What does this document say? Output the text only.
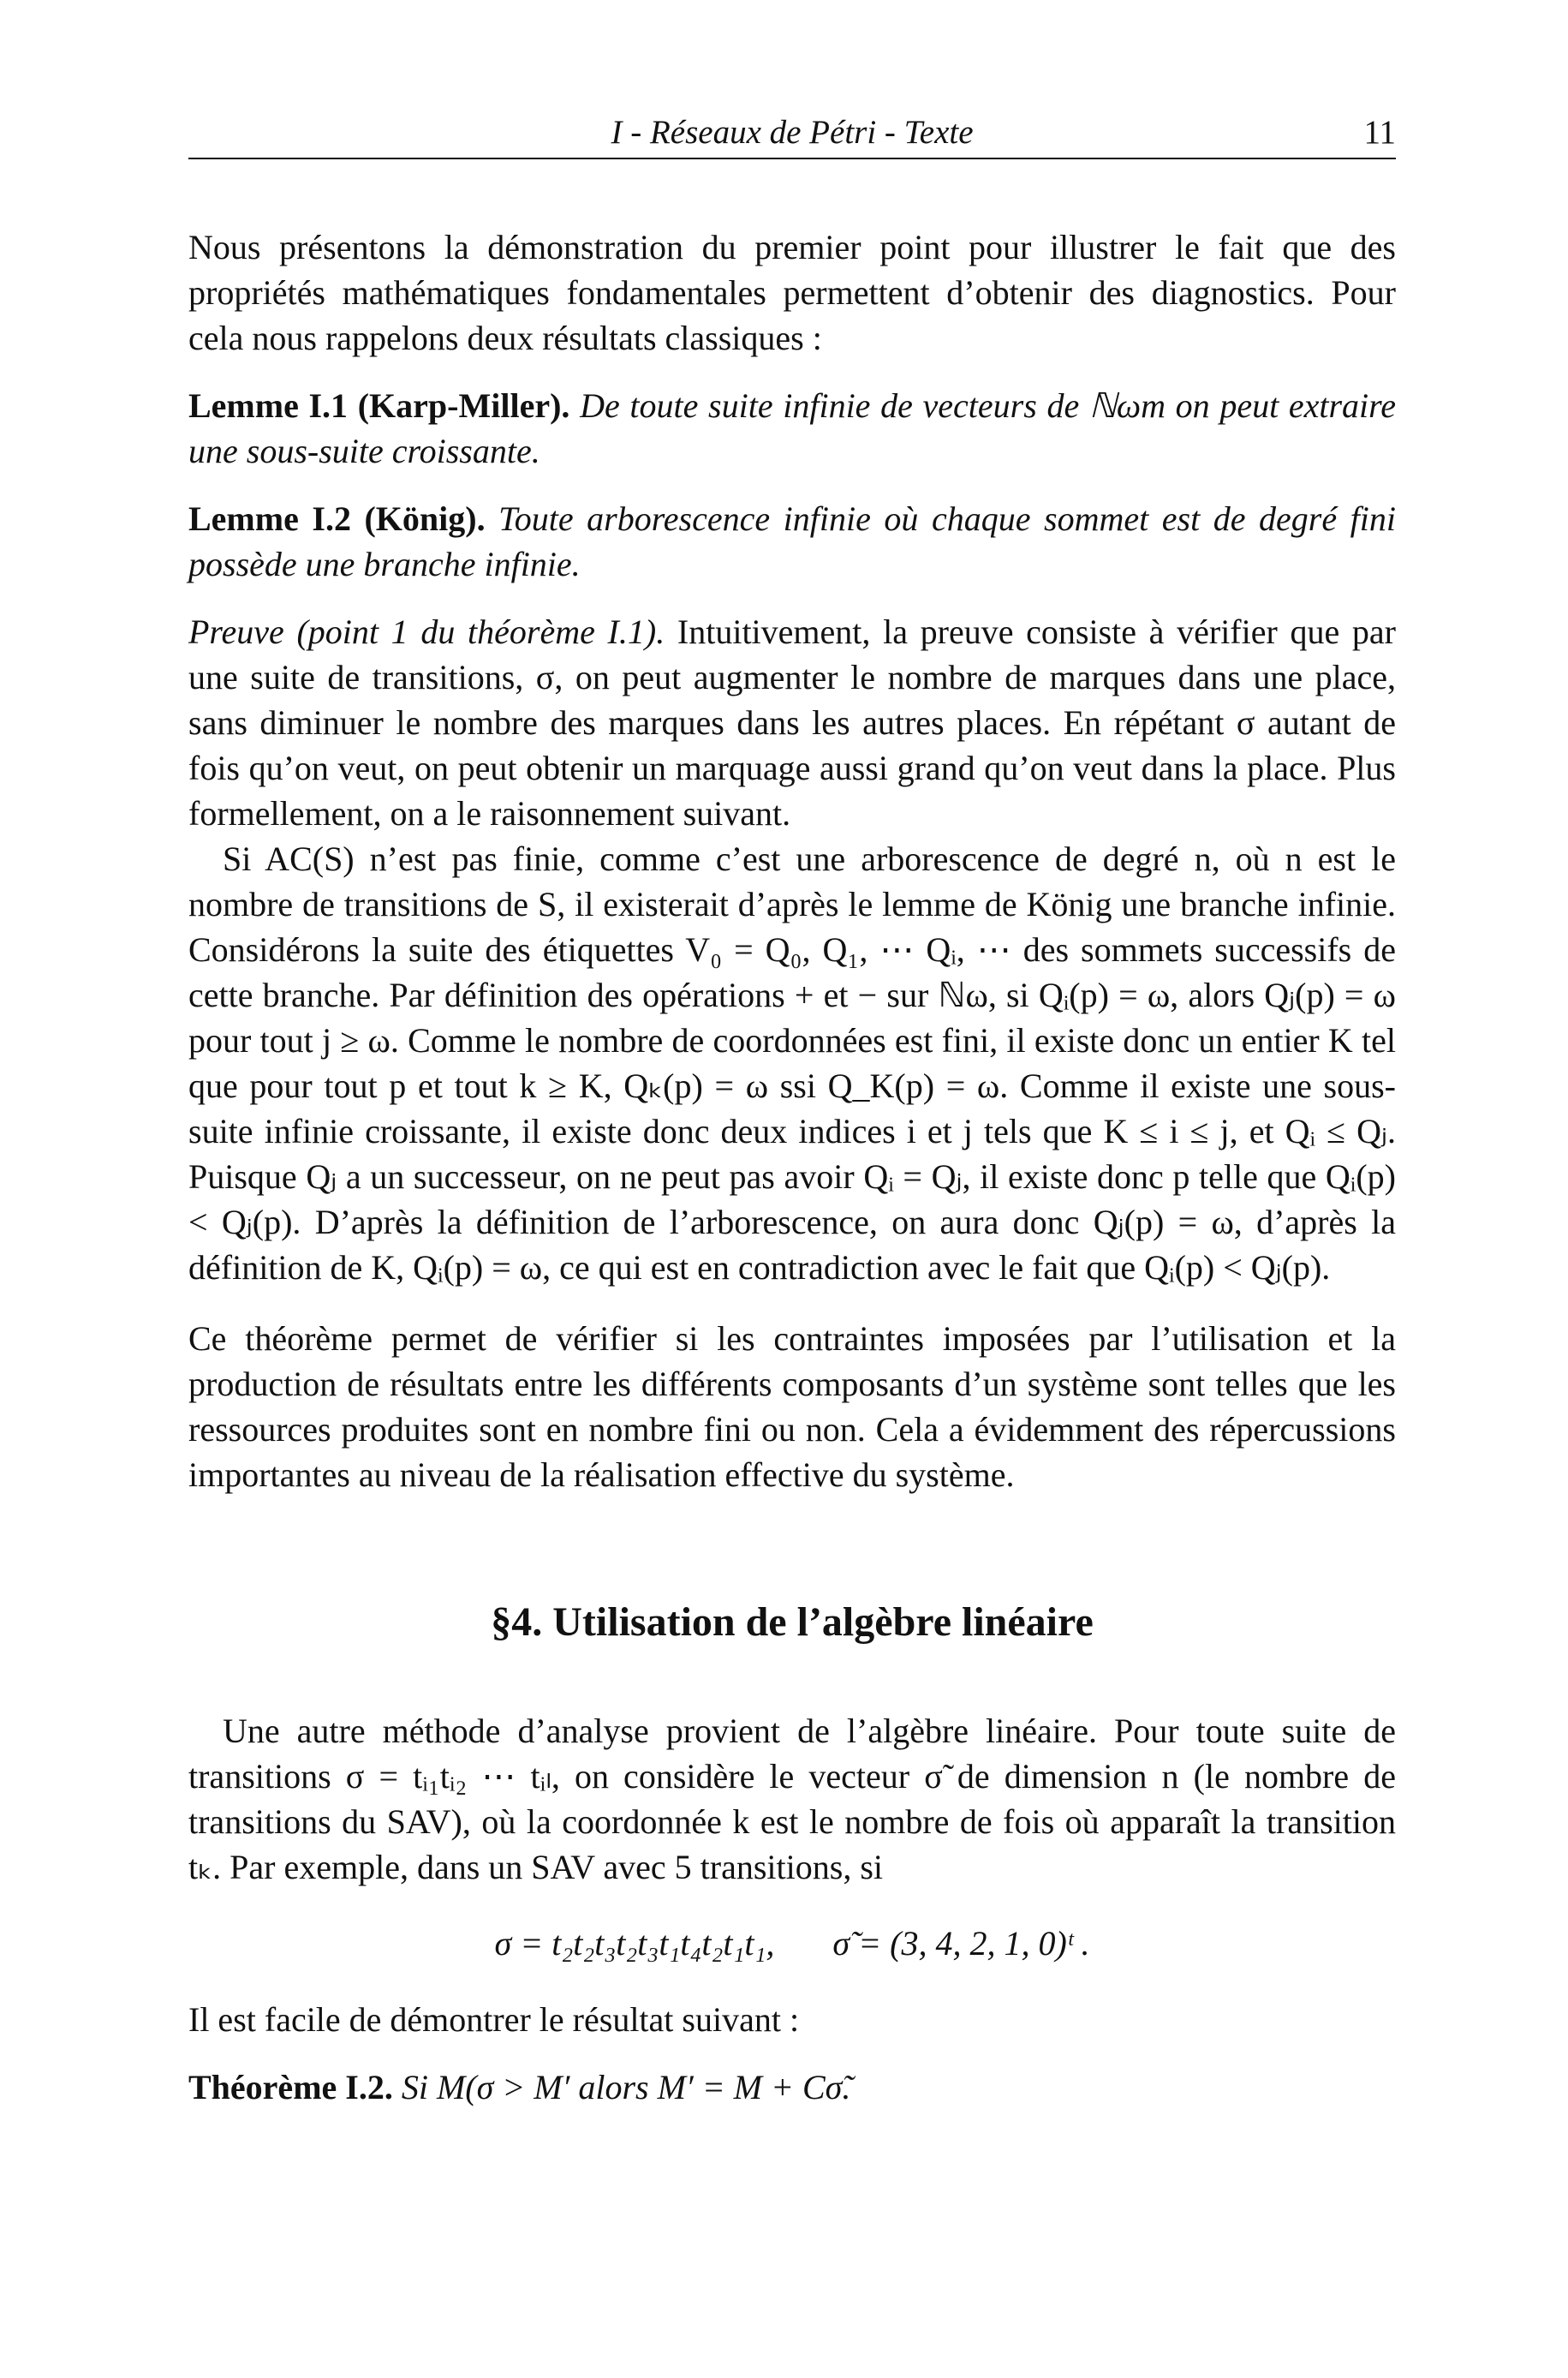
I - Réseaux de Pétri - Texte	11

Nous présentons la démonstration du premier point pour illustrer le fait que des propriétés mathématiques fondamentales permettent d’obtenir des diagnostics. Pour cela nous rappelons deux résultats classiques :

Lemme I.1 (Karp-Miller). De toute suite infinie de vecteurs de ℕωm on peut extraire une sous-suite croissante.

Lemme I.2 (König). Toute arborescence infinie où chaque sommet est de degré fini possède une branche infinie.

Preuve (point 1 du théorème I.1). Intuitivement, la preuve consiste à vérifier que par une suite de transitions, σ, on peut augmenter le nombre de marques dans une place, sans diminuer le nombre des marques dans les autres places. En répétant σ autant de fois qu’on veut, on peut obtenir un marquage aussi grand qu’on veut dans la place. Plus formellement, on a le raisonnement suivant.

Si AC(S) n’est pas finie, comme c’est une arborescence de degré n, où n est le nombre de transitions de S, il existerait d’après le lemme de König une branche infinie. Considérons la suite des étiquettes V₀ = Q₀, Q₁, ⋯ Qᵢ, ⋯ des sommets successifs de cette branche. Par définition des opérations + et − sur ℕω, si Qᵢ(p) = ω, alors Qⱼ(p) = ω pour tout j ≥ ω. Comme le nombre de coordonnées est fini, il existe donc un entier K tel que pour tout p et tout k ≥ K, Qₖ(p) = ω ssi Q_K(p) = ω. Comme il existe une sous-suite infinie croissante, il existe donc deux indices i et j tels que K ≤ i ≤ j, et Qᵢ ≤ Qⱼ. Puisque Qⱼ a un successeur, on ne peut pas avoir Qᵢ = Qⱼ, il existe donc p telle que Qᵢ(p) < Qⱼ(p). D’après la définition de l’arborescence, on aura donc Qⱼ(p) = ω, d’après la définition de K, Qᵢ(p) = ω, ce qui est en contradiction avec le fait que Qᵢ(p) < Qⱼ(p).

Ce théorème permet de vérifier si les contraintes imposées par l’utilisation et la production de résultats entre les différents composants d’un système sont telles que les ressources produites sont en nombre fini ou non. Cela a évidemment des répercussions importantes au niveau de la réalisation effective du système.

§4. Utilisation de l’algèbre linéaire

Une autre méthode d’analyse provient de l’algèbre linéaire. Pour toute suite de transitions σ = tᵢ₁tᵢ₂ ⋯ tᵢₗ, on considère le vecteur σ̃ de dimension n (le nombre de transitions du SAV), où la coordonnée k est le nombre de fois où apparaît la transition tₖ. Par exemple, dans un SAV avec 5 transitions, si

σ = t₂t₂t₃t₂t₃t₁t₄t₂t₁t₁, σ̃ = (3, 4, 2, 1, 0)ᵗ .

Il est facile de démontrer le résultat suivant :

Théorème I.2. Si M(σ > M′ alors M′ = M + Cσ̃.
